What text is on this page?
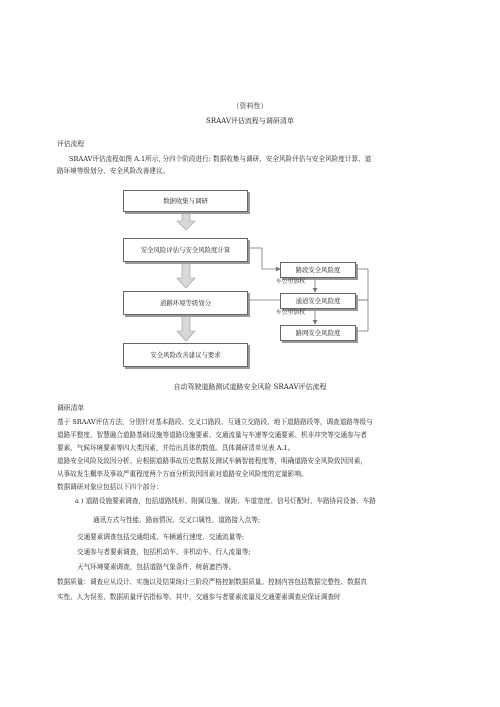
（资料性）
SRAAV评估流程与调研清单
评估流程
SRAAV评估流程如图 A.1所示, 分四个阶段进行: 数据收集与调研、安全风险评估与安全风险度计算、道
路环境等级划分、安全风险改善建议。
数据收集与调研
安全风险评估与安全风险度计算
道路环境等级划分
安全风险改善建议与要求
路段安全风险度
通道安全风险度
路网安全风险度
车公里加权
车公里加权
自动驾驶道路测试道路安全风险 SRAAV评估流程
调研清单
基于 SRAAV评估方法，分别针对基本路段、交叉口路段、互通立交路段、地下道路路段等，调查道路等级与
道路平整度、智慧融合道路基础设施等道路设施要素、交通流量与车速等交通要素、机非冲突等交通参与者
要素、气候环境要素等四大类因素，并给出具体的数值。具体调研清单见表 A.1。
道路安全风险及致因分析。应根据道路事故历史数据及测试车辆智能程度等，明确道路安全风险致因因素，
从事故发生概率及事故严重程度两个方面分析致因因素对道路安全风险度的定量影响。
数据调研对象应包括以下四个部分：
a ) 道路设施要素调查，包括道路线形、附属设施、视距、车道宽度、信号灯配时、车路协同设备、车路
通讯方式与性能、路面情况、交叉口属性、道路接入点等;
交通要素调查包括交通组成、车辆通行速度、交通流量等;
交通参与者要素调查，包括机动车、非机动车、行人流量等;
天气环境要素调查，包括道路气象条件、树荫遮挡等。
数据质量：调查应从设计、实施以及结果统计三阶段严格控制数据质量。控制内容包括数据完整性、数据真
实性、人为误差、数据质量评估指标等。其中，交通参与者要素流量及交通要素调查应保证调查时
